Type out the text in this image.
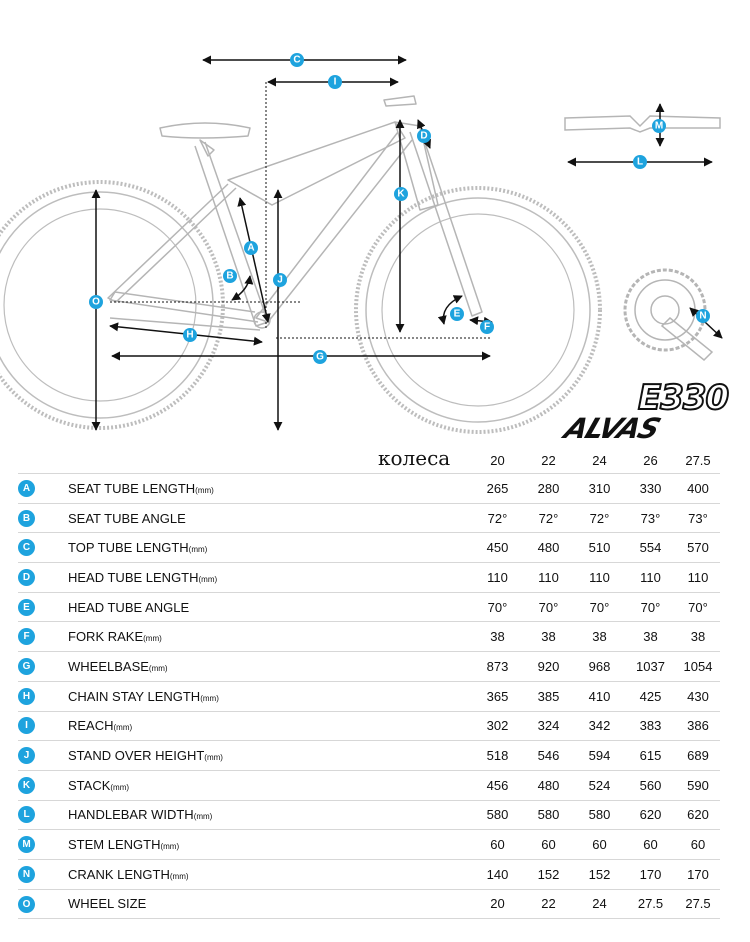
C
I
D
K
A
B	J
O
H
G
E
F
M
L
N
E330
ALVAS
колеса
			20	22	24	26	27.5
A	SEAT TUBE LENGTH(mm)	265	280	310	330	400
B	SEAT TUBE ANGLE	72°	72°	72°	73°	73°
C	TOP TUBE LENGTH(mm)	450	480	510	554	570
D	HEAD TUBE LENGTH(mm)	110	110	110	110	110
E	HEAD TUBE ANGLE	70°	70°	70°	70°	70°
F	FORK RAKE(mm)	38	38	38	38	38
G	WHEELBASE(mm)	873	920	968	1037	1054
H	CHAIN STAY LENGTH(mm)	365	385	410	425	430
I	REACH(mm)	302	324	342	383	386
J	STAND OVER HEIGHT(mm)	518	546	594	615	689
K	STACK(mm)	456	480	524	560	590
L	HANDLEBAR WIDTH(mm)	580	580	580	620	620
M	STEM LENGTH(mm)	60	60	60	60	60
N	CRANK LENGTH(mm)	140	152	152	170	170
O	WHEEL SIZE	20	22	24	27.5	27.5
